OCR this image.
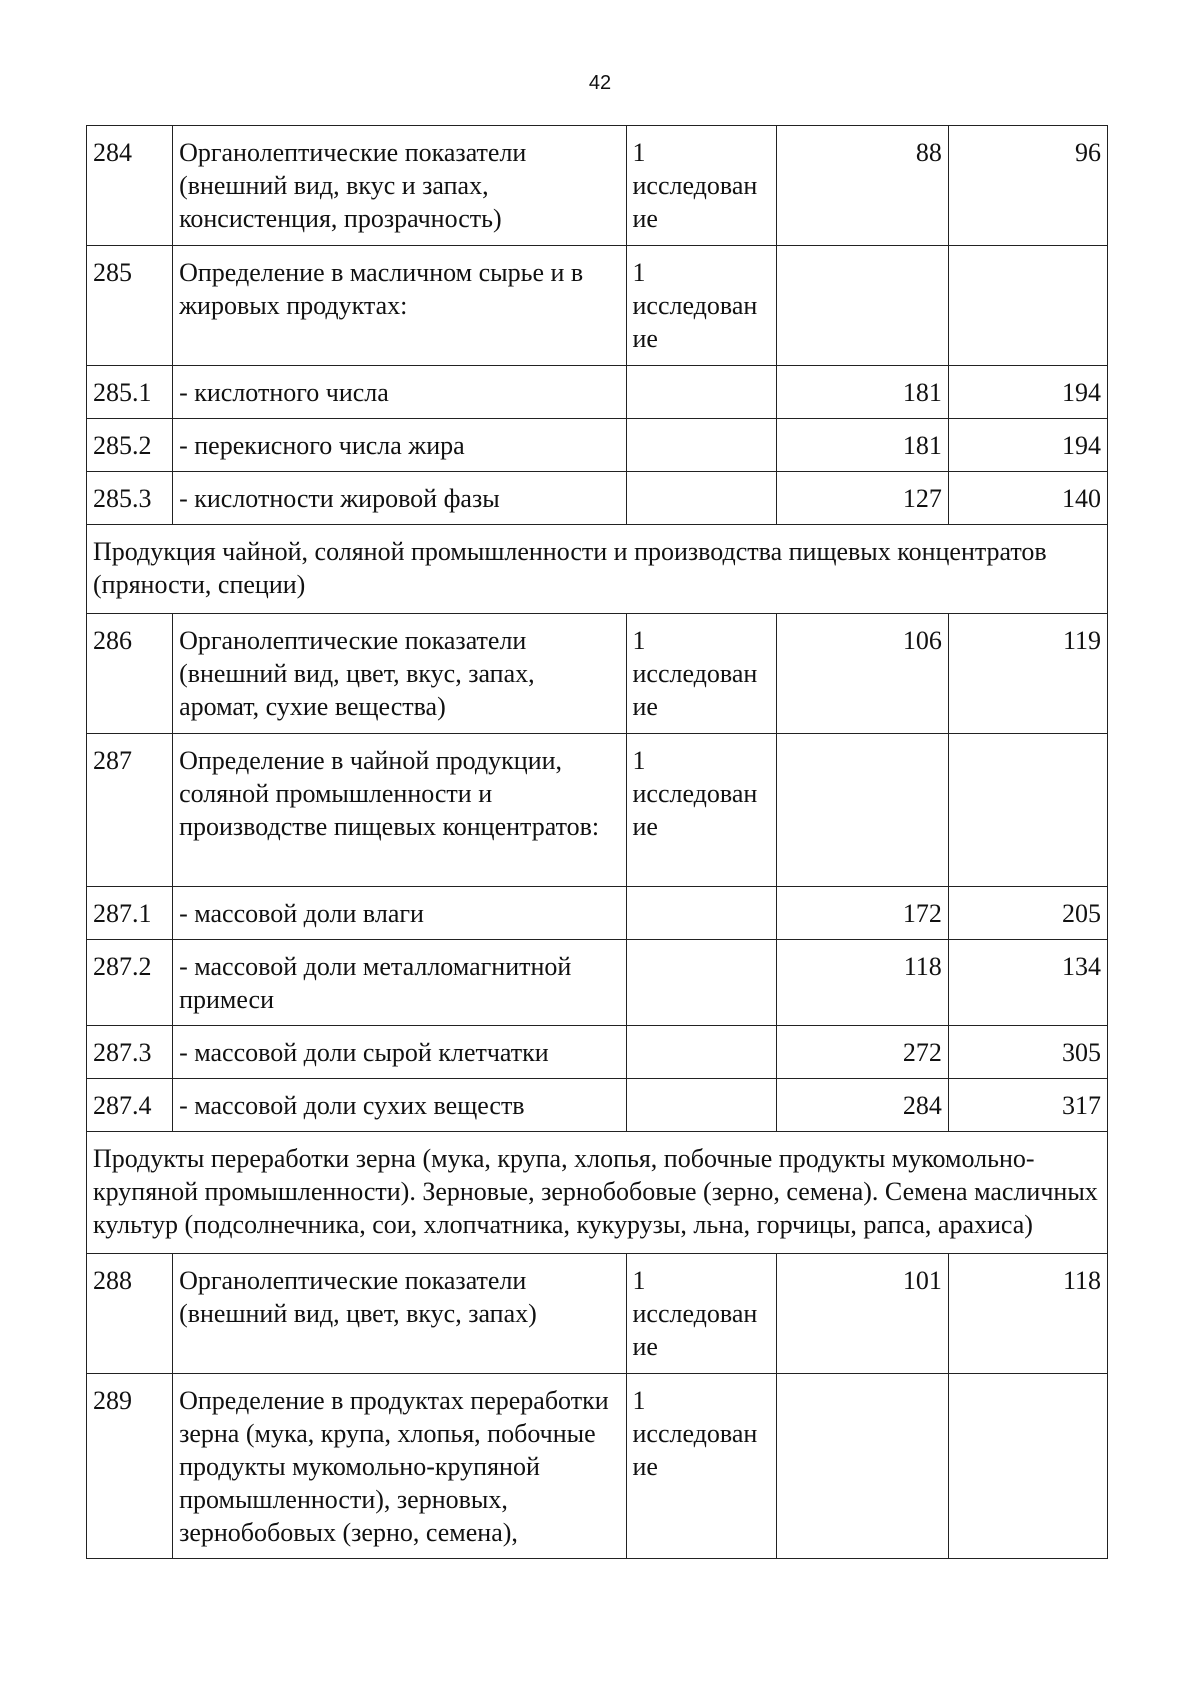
42
284	Органолептические показатели (внешний вид, вкус и запах, консистенция, прозрачность)	1 исследован ие	88	96
285	Определение в масличном сырье и в жировых продуктах:	1 исследован ие		
285.1	- кислотного числа		181	194
285.2	- перекисного числа жира		181	194
285.3	- кислотности жировой фазы		127	140
Продукция чайной, соляной промышленности и производства пищевых концентратов (пряности, специи)				
286	Органолептические показатели (внешний вид, цвет, вкус, запах, аромат, сухие вещества)	1 исследован ие	106	119
287	Определение в чайной продукции, соляной промышленности и производстве пищевых концентратов:	1 исследован ие		
287.1	- массовой доли влаги		172	205
287.2	- массовой доли металломагнитной примеси		118	134
287.3	- массовой доли сырой клетчатки		272	305
287.4	- массовой доли сухих веществ		284	317
Продукты переработки зерна (мука, крупа, хлопья, побочные продукты мукомольно-крупяной промышленности). Зерновые, зернобобовые (зерно, семена). Семена масличных культур (подсолнечника, сои, хлопчатника, кукурузы, льна, горчицы, рапса, арахиса)				
288	Органолептические показатели (внешний вид, цвет, вкус, запах)	1 исследован ие	101	118
289	Определение в продуктах переработки зерна (мука, крупа, хлопья, побочные продукты мукомольно-крупяной промышленности), зерновых, зернобобовых (зерно, семена),	1 исследован ие		
